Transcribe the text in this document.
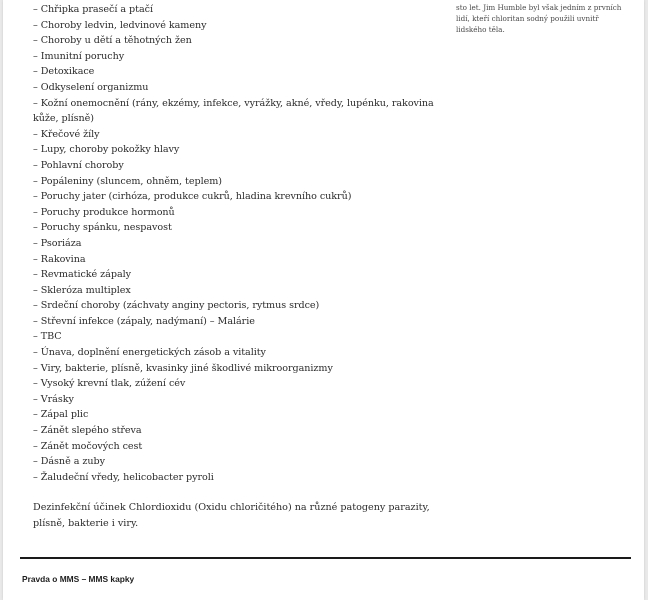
– Chřipka prasečí a ptačí
– Choroby ledvin, ledvinové kameny
– Choroby u dětí a těhotných žen
– Imunitní poruchy
– Detoxikace
– Odkyselení organizmu
– Kožní onemocnění (rány, ekzémy, infekce, vyrážky, akné, vředy, lupénku, rakovina kůže, plísně)
– Křečové žíly
– Lupy, choroby pokožky hlavy
– Pohlavní choroby
– Popáleniny (sluncem, ohněm, teplem)
– Poruchy jater (cirhóza, produkce cukrů, hladina krevního cukrů)
– Poruchy produkce hormonů
– Poruchy spánku, nespavost
– Psoriáza
– Rakovina
– Revmatické zápaly
– Skleróza multiplex
– Srdeční choroby (záchvaty anginy pectoris, rytmus srdce)
– Střevní infekce (zápaly, nadýmaní) – Malárie
– TBC
– Únava, doplnění energetických zásob a vitality
– Viry, bakterie, plísně, kvasinky jiné škodlivé mikroorganizmy
– Vysoký krevní tlak, zúžení cév
– Vrásky
– Zápal plic
– Zánět slepého střeva
– Zánět močových cest
– Dásně a zuby
– Žaludeční vředy, helicobacter pyroli

Dezinfekční účinek Chlordioxidu (Oxidu chloričitého) na různé patogeny parazity, plísně, bakterie i viry.

sto let. Jim Humble byl však jedním z prvních lidí, kteří chloritan sodný použili uvnitř lidského těla.

Pravda o MMS – MMS kapky
